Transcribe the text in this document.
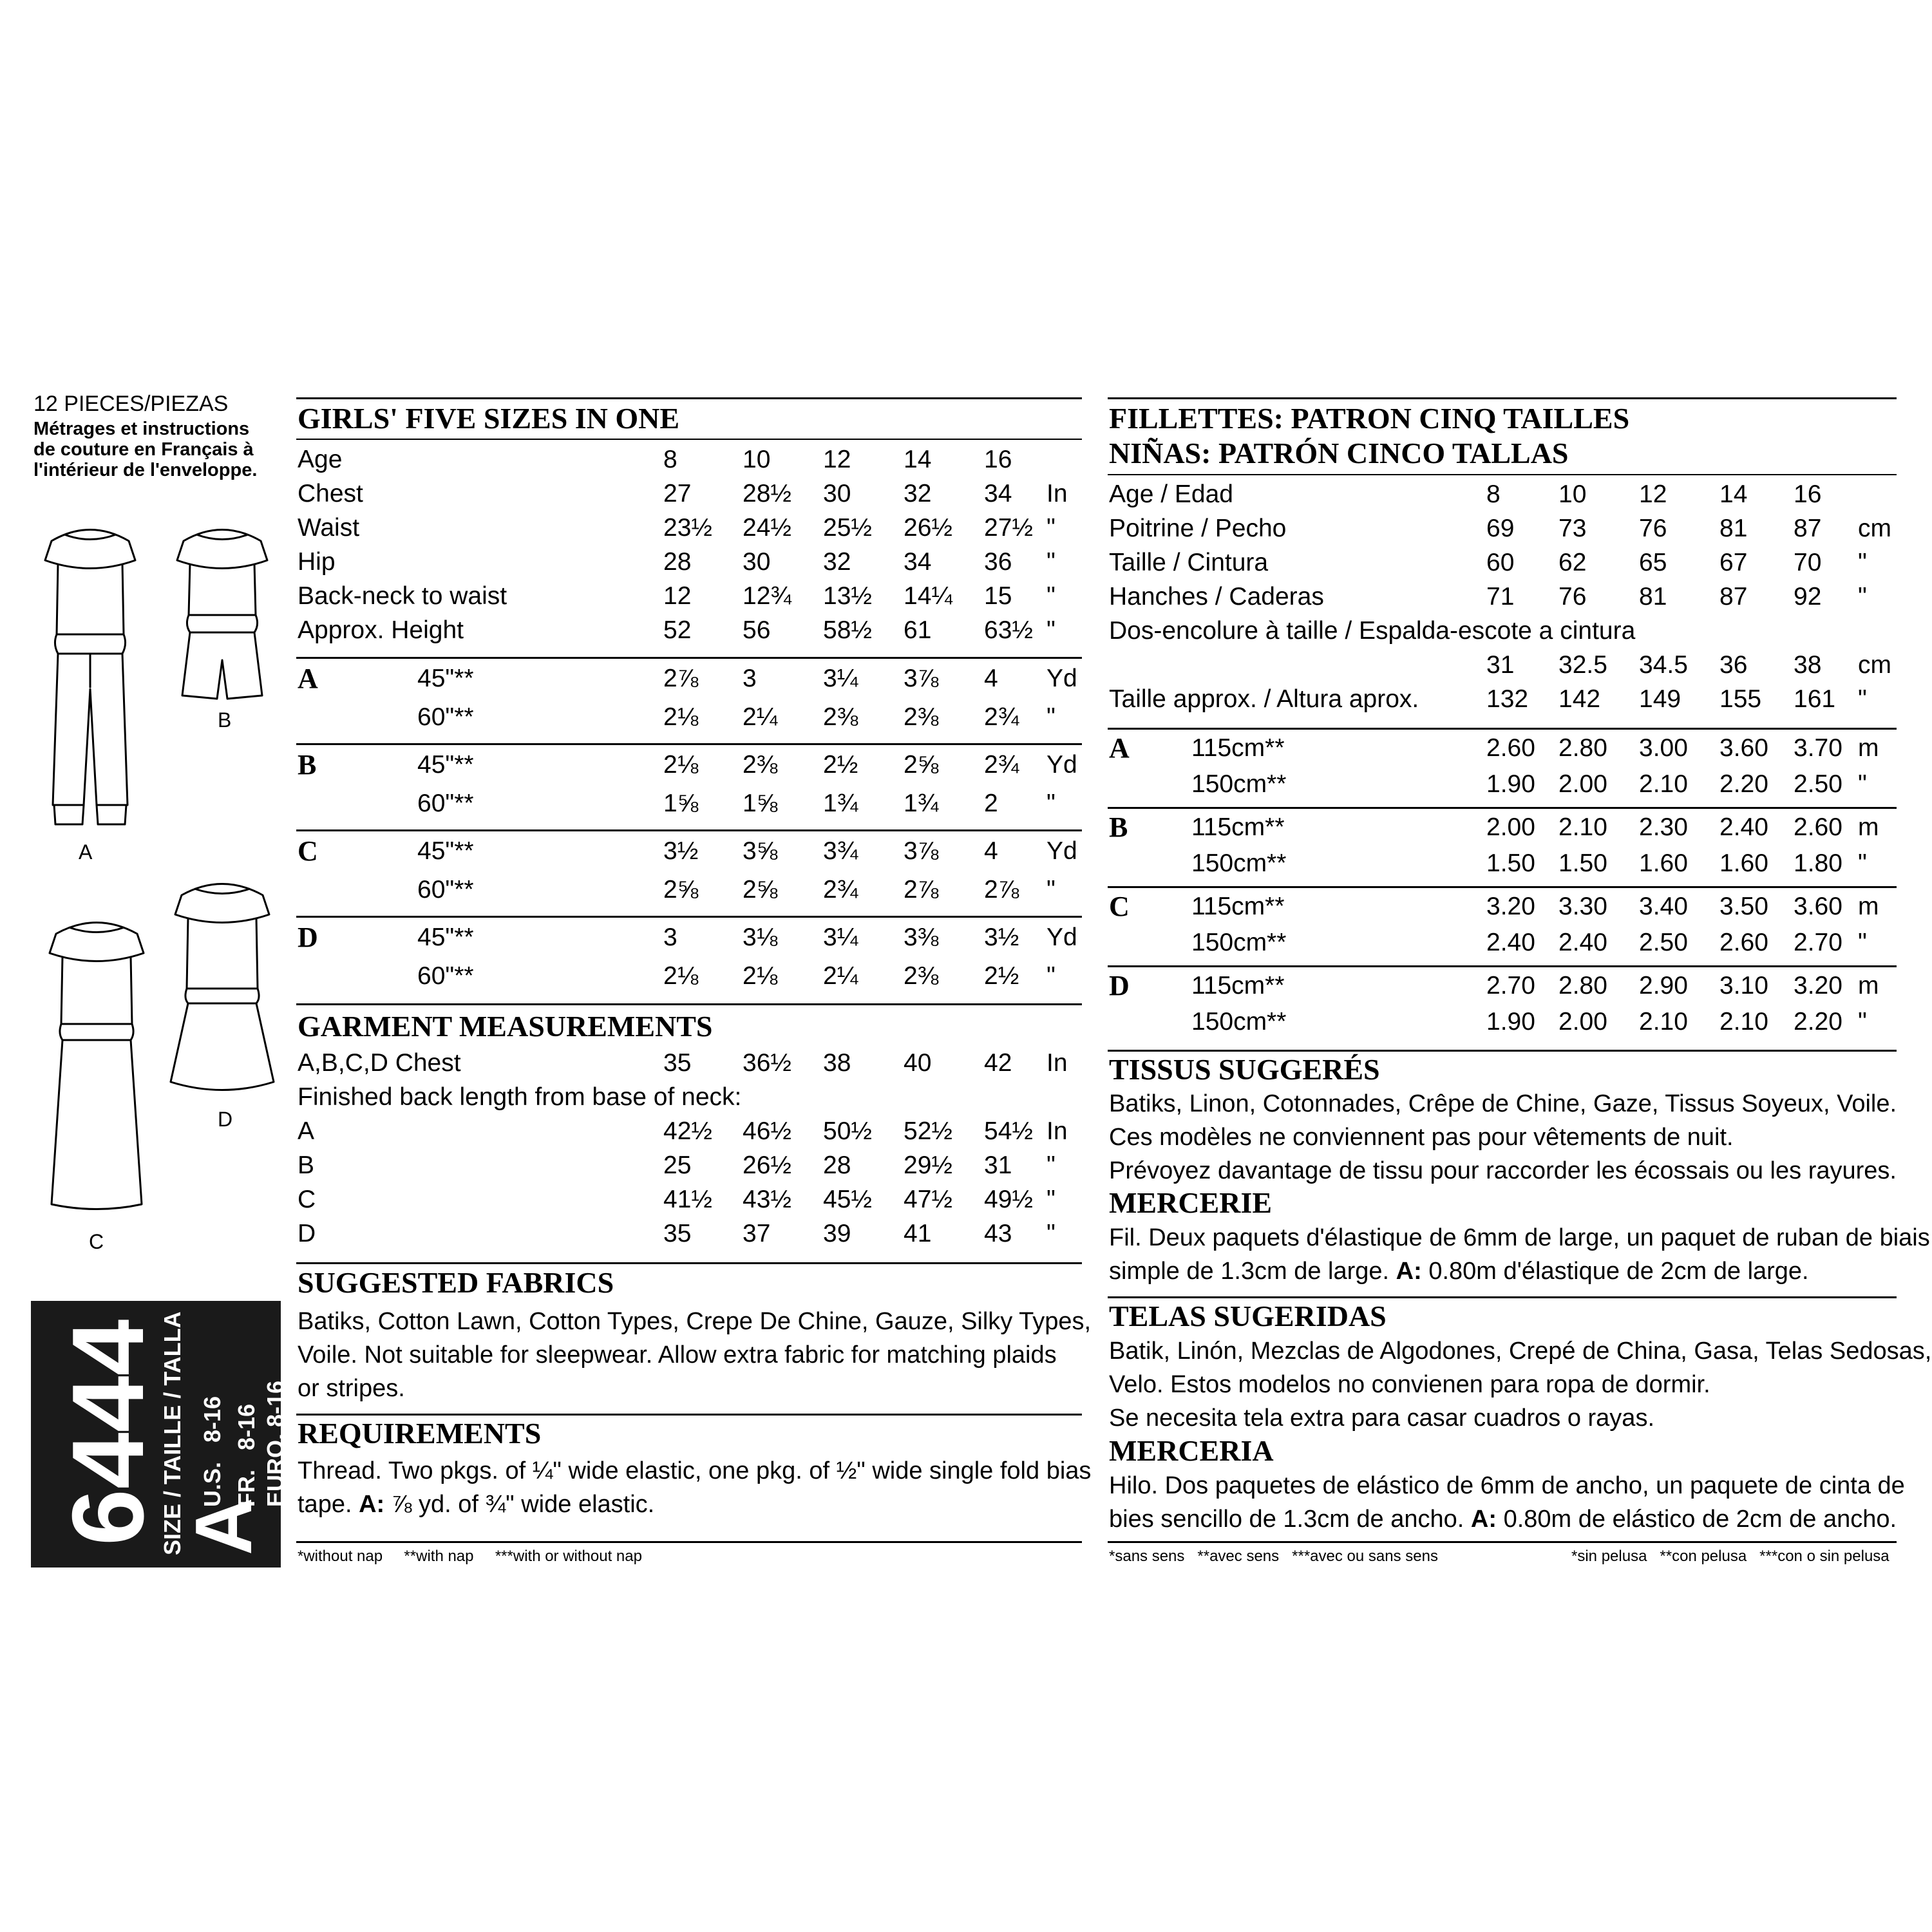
12 PIECES/PIEZAS
Métrages et instructions
de couture en Français à
l'intérieur de l'enveloppe.
A
B
C
D
6444 A
SIZE / TAILLE / TALLA U.S.   8-16 FR.   8-16 EURO. 8-16
GIRLS' FIVE SIZES IN ONE
Age	8	10 12 14 16
Chest	27 28½ 30 32 34 In
Waist	23½ 24½ 25½ 26½ 27½ "
Hip	28 30 32 34 36 "
Back-neck to waist	12 12¾ 13½ 14¼ 15 "
Approx. Height	52 56 58½ 61 63½ "
A	45"**	2⅞ 3	3¼ 3⅞ 4 Yd
60"**	2⅛ 2¼ 2⅜ 2⅜ 2¾ "
B	45"**	2⅛ 2⅜ 2½ 2⅝ 2¾ Yd
60"**	1⅝ 1⅝ 1¾ 1¾ 2 "
C	45"**	3½ 3⅝ 3¾ 3⅞ 4 Yd
60"**	2⅝ 2⅝ 2¾ 2⅞ 2⅞ "
D	45"**	3	3⅛ 3¼ 3⅜ 3½ Yd
60"**	2⅛ 2⅛ 2¼ 2⅜ 2½ "
GARMENT MEASUREMENTS
A,B,C,D Chest	35 36½ 38 40 42 In
Finished back length from base of neck:
A	42½ 46½ 50½ 52½ 54½ In
B	25 26½ 28 29½ 31 "
C	41½ 43½ 45½ 47½ 49½ "
D	35 37 39 41 43 "
SUGGESTED FABRICS
Batiks, Cotton Lawn, Cotton Types, Crepe De Chine, Gauze, Silky Types,
Voile. Not suitable for sleepwear. Allow extra fabric for matching plaids
or stripes.
REQUIREMENTS
Thread. Two pkgs. of ¼" wide elastic, one pkg. of ½" wide single fold bias
tape. A: ⅞ yd. of ¾" wide elastic.
*without nap     **with nap     ***with or without nap
FILLETTES: PATRON CINQ TAILLES
NIÑAS: PATRÓN CINCO TALLAS
Age / Edad	8 10 12 14 16
Poitrine / Pecho	69 73 76 81 87 cm
Taille / Cintura	60 62 65 67 70 "
Hanches / Caderas	71 76 81 87 92 "
Dos-encolure à taille / Espalda-escote a cintura
31 32.5 34.5 36 38 cm
Taille approx. / Altura aprox.	132 142 149 155 161 "
A 115cm**	2.60 2.80 3.00 3.60 3.70 m
150cm**	1.90 2.00 2.10 2.20 2.50 "
B	115cm**	2.00 2.10 2.30 2.40 2.60 m
150cm**	1.50 1.50 1.60 1.60 1.80 "
C 115cm**	3.20 3.30 3.40 3.50 3.60 m
150cm**	2.40 2.40 2.50 2.60 2.70 "
D 115cm**	2.70 2.80 2.90 3.10 3.20 m
150cm**	1.90 2.00 2.10 2.10 2.20 "
TISSUS SUGGERÉS
Batiks, Linon, Cotonnades, Crêpe de Chine, Gaze, Tissus Soyeux, Voile.
Ces modèles ne conviennent pas pour vêtements de nuit.
Prévoyez davantage de tissu pour raccorder les écossais ou les rayures.
MERCERIE
Fil. Deux paquets d'élastique de 6mm de large, un paquet de ruban de biais
simple de 1.3cm de large. A: 0.80m d'élastique de 2cm de large.
TELAS SUGERIDAS
Batik, Linón, Mezclas de Algodones, Crepé de China, Gasa, Telas Sedosas,
Velo. Estos modelos no convienen para ropa de dormir.
Se necesita tela extra para casar cuadros o rayas.
MERCERIA
Hilo. Dos paquetes de elástico de 6mm de ancho, un paquete de cinta de
bies sencillo de 1.3cm de ancho. A: 0.80m de elástico de 2cm de ancho.
*sans sens   **avec sens   ***avec ou sans sens	*sin pelusa   **con pelusa   ***con o sin pelusa
